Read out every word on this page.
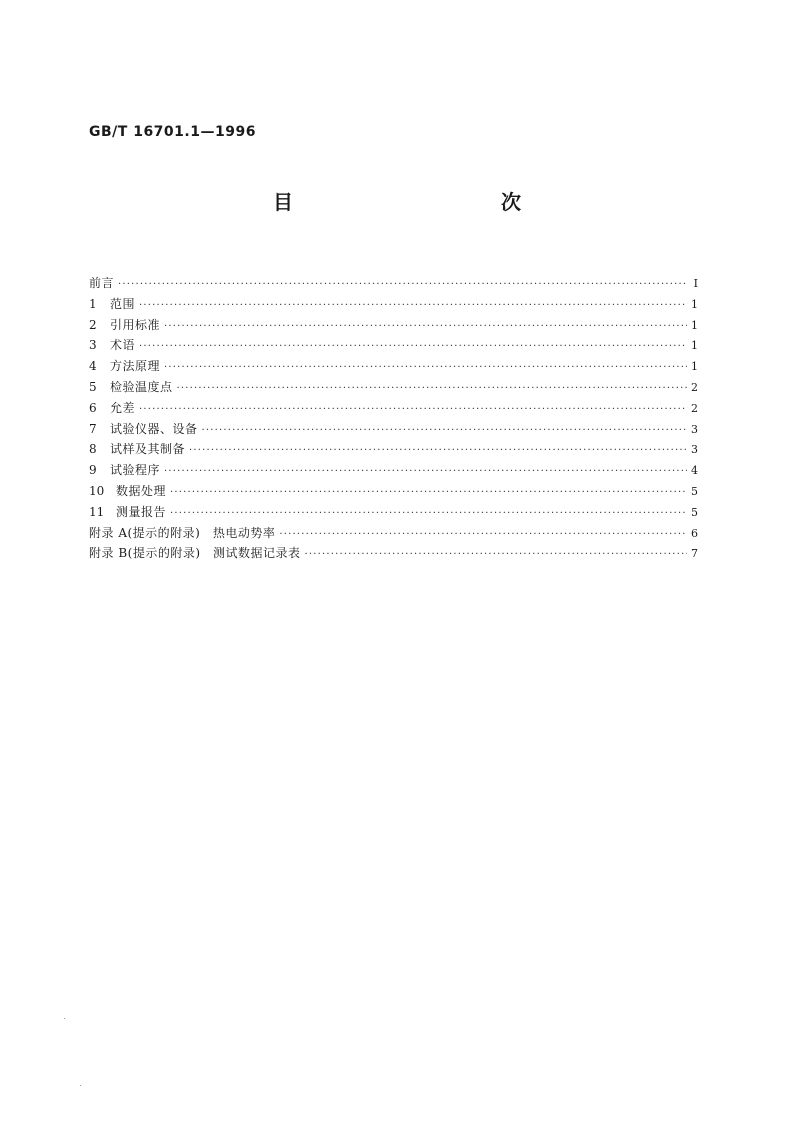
GB/T 16701.1—1996
目　　次
前言 ·····	I
1	范围 ·····	1
2	引用标准 ·····	1
3	术语 ·····	1
4	方法原理 ·····	1
5	检验温度点 ·····	2
6	允差 ·····	2
7	试验仪器、设备 ·····	3
8	试样及其制备 ·····	3
9	试验程序 ·····	4
10 数据处理 ·····	5
11 测量报告 ·····	5
附录 A(提示的附录)　热电动势率 ·····	6
附录 B(提示的附录)　测试数据记录表 ·····	7
